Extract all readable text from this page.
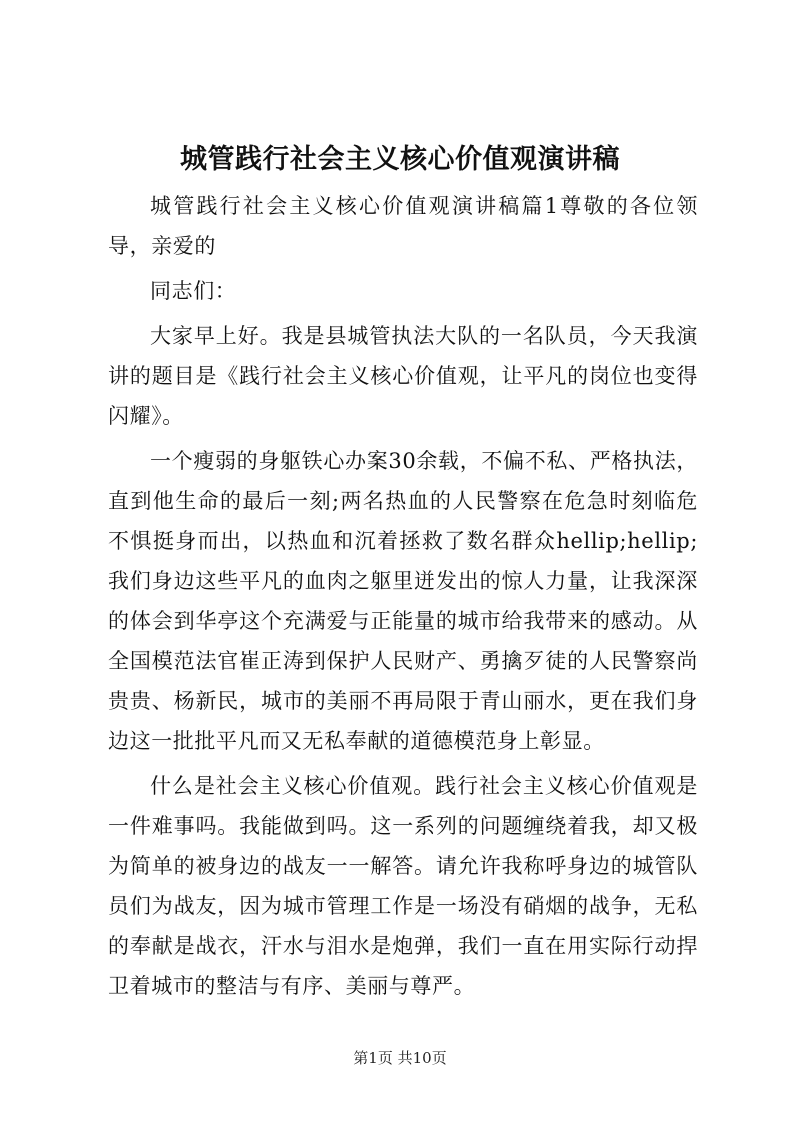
城管践行社会主义核心价值观演讲稿

城管践行社会主义核心价值观演讲稿篇1尊敬的各位领导，亲爱的

同志们：

大家早上好。我是县城管执法大队的一名队员，今天我演讲的题目是《践行社会主义核心价值观，让平凡的岗位也变得闪耀》。

一个瘦弱的身躯铁心办案30余载，不偏不私、严格执法，直到他生命的最后一刻;两名热血的人民警察在危急时刻临危不惧挺身而出，以热血和沉着拯救了数名群众hellip;hellip;我们身边这些平凡的血肉之躯里迸发出的惊人力量，让我深深的体会到华亭这个充满爱与正能量的城市给我带来的感动。从全国模范法官崔正涛到保护人民财产、勇擒歹徒的人民警察尚贵贵、杨新民，城市的美丽不再局限于青山丽水，更在我们身边这一批批平凡而又无私奉献的道德模范身上彰显。

什么是社会主义核心价值观。践行社会主义核心价值观是一件难事吗。我能做到吗。这一系列的问题缠绕着我，却又极为简单的被身边的战友一一解答。请允许我称呼身边的城管队员们为战友，因为城市管理工作是一场没有硝烟的战争，无私的奉献是战衣，汗水与泪水是炮弹，我们一直在用实际行动捍卫着城市的整洁与有序、美丽与尊严。

第1页 共10页
